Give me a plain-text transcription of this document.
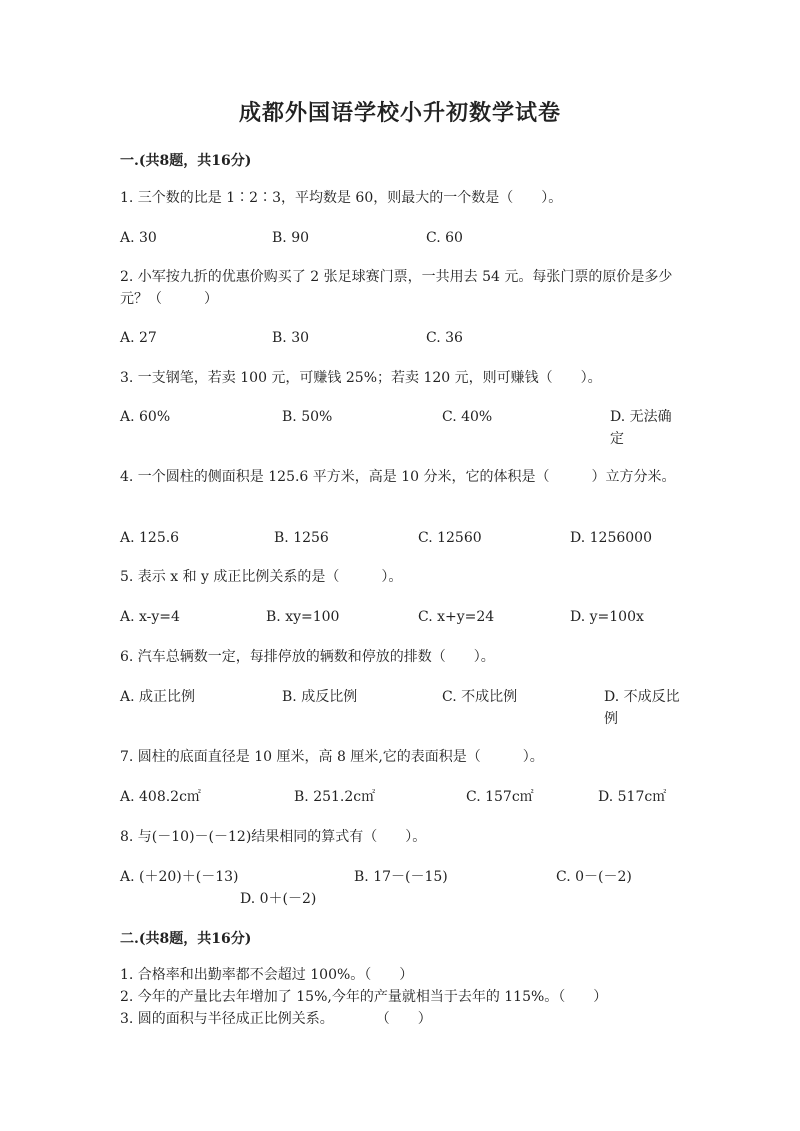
成都外国语学校小升初数学试卷
一.(共8题，共16分)
1. 三个数的比是 1∶2∶3，平均数是 60，则最大的一个数是（　　）。
A. 30	B. 90	C. 60
2. 小军按九折的优惠价购买了 2 张足球赛门票，一共用去 54 元。每张门票的原价是多少元？（　　　）
A. 27	B. 30	C. 36
3. 一支钢笔，若卖 100 元，可赚钱 25%；若卖 120 元，则可赚钱（　　）。
A. 60%	B. 50%	C. 40%	D. 无法确定
4. 一个圆柱的侧面积是 125.6 平方米，高是 10 分米，它的体积是（　　　）立方分米。
A. 125.6	B. 1256	C. 12560	D. 1256000
5. 表示 x 和 y 成正比例关系的是（　　　）。
A. x-y=4	B. xy=100	C. x+y=24	D. y=100x
6. 汽车总辆数一定，每排停放的辆数和停放的排数（　　）。
A. 成正比例	B. 成反比例	C. 不成比例	D. 不成反比例
7. 圆柱的底面直径是 10 厘米，高 8 厘米,它的表面积是（　　　）。
A. 408.2c㎡	B. 251.2c㎡	C. 157c㎡	D. 517c㎡
8. 与(－10)－(－12)结果相同的算式有（　　）。
A. (＋20)＋(－13)	B. 17－(－15)	C. 0－(－2)
D. 0＋(－2)
二.(共8题，共16分)
1. 合格率和出勤率都不会超过 100%。（　　）
2. 今年的产量比去年增加了 15%,今年的产量就相当于去年的 115%。（　　）
3. 圆的面积与半径成正比例关系。　　　　（　　）
